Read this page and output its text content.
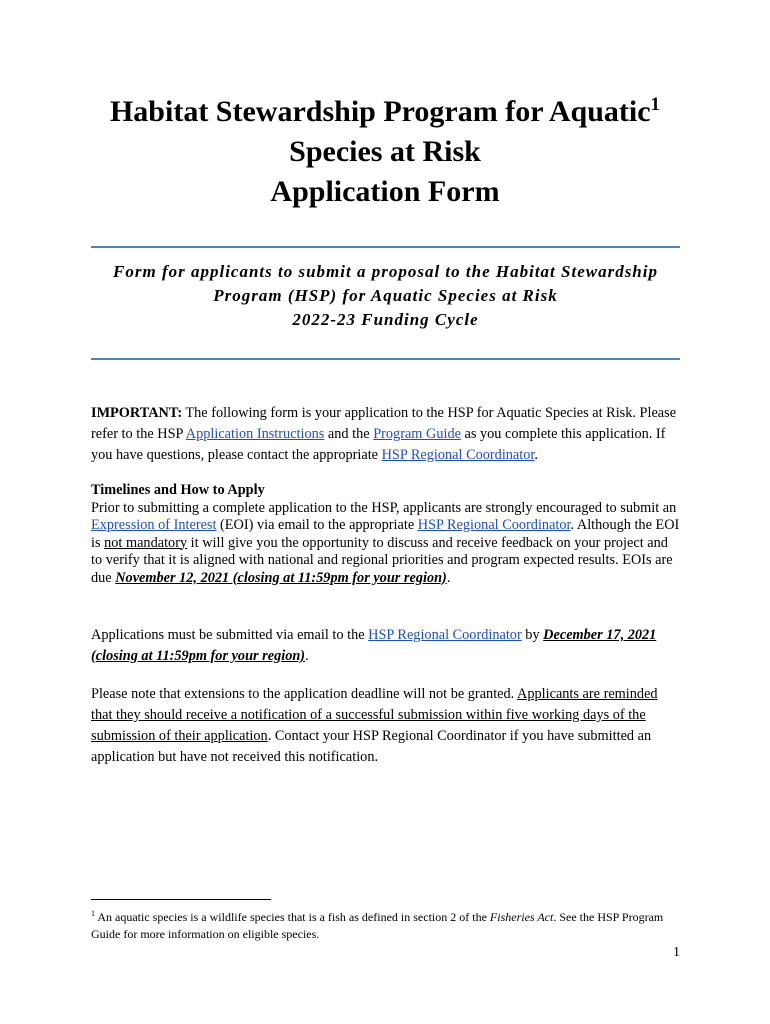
Habitat Stewardship Program for Aquatic$^1$
Species at Risk
Application Form
Form for applicants to submit a proposal to the Habitat Stewardship
Program (HSP) for Aquatic Species at Risk
2022-23 Funding Cycle
IMPORTANT: The following form is your application to the HSP for Aquatic Species at Risk. Please refer to the HSP Application Instructions and the Program Guide as you complete this application. If you have questions, please contact the appropriate HSP Regional Coordinator.
Timelines and How to Apply
Prior to submitting a complete application to the HSP, applicants are strongly encouraged to submit an Expression of Interest (EOI) via email to the appropriate HSP Regional Coordinator. Although the EOI is not mandatory it will give you the opportunity to discuss and receive feedback on your project and to verify that it is aligned with national and regional priorities and program expected results. EOIs are due November 12, 2021 (closing at 11:59pm for your region).
Applications must be submitted via email to the HSP Regional Coordinator by December 17, 2021 (closing at 11:59pm for your region).
Please note that extensions to the application deadline will not be granted. Applicants are reminded that they should receive a notification of a successful submission within five working days of the submission of their application. Contact your HSP Regional Coordinator if you have submitted an application but have not received this notification.
$^1$ An aquatic species is a wildlife species that is a fish as defined in section 2 of the Fisheries Act. See the HSP Program Guide for more information on eligible species.
1
